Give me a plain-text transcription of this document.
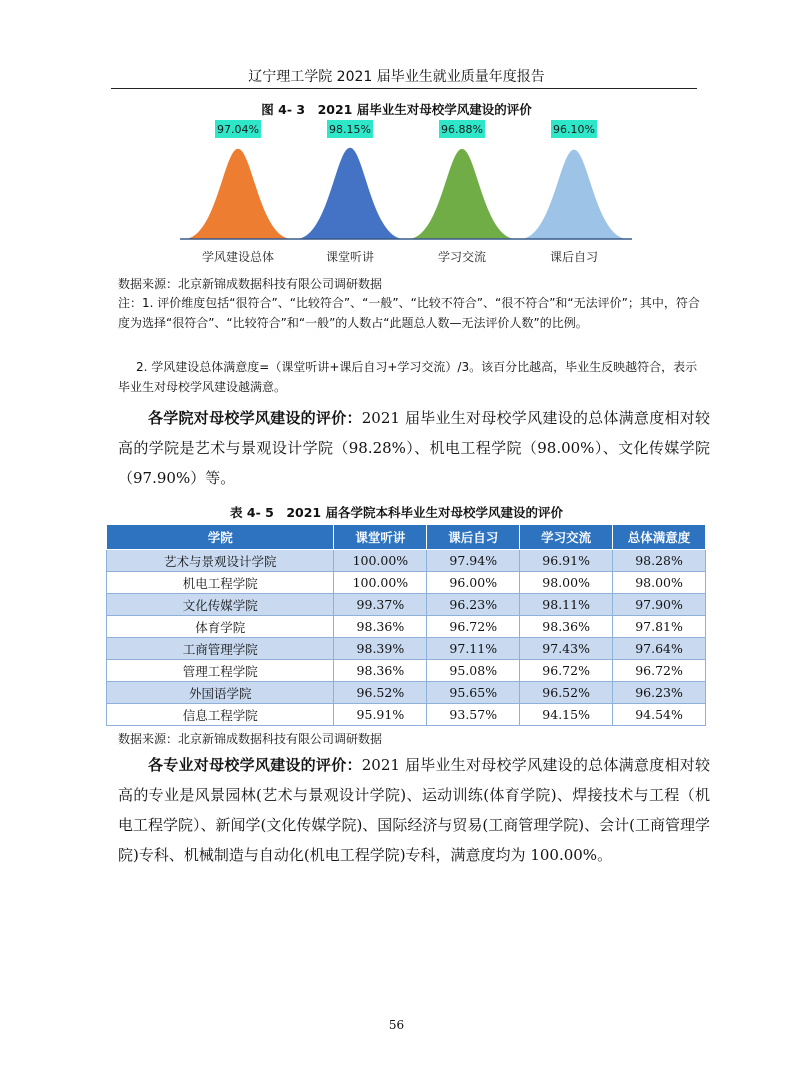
辽宁理工学院 2021 届毕业生就业质量年度报告
图 4- 3　2021 届毕业生对母校学风建设的评价
97.04%
学风建设总体
98.15%
课堂听讲
96.88%
学习交流
96.10%
课后自习
数据来源：北京新锦成数据科技有限公司调研数据
注：1. 评价维度包括“很符合”、“比较符合”、“一般”、“比较不符合”、“很不符合”和“无法评价”；其中，符合度为选择“很符合”、“比较符合”和“一般”的人数占“此题总人数—无法评价人数”的比例。
2. 学风建设总体满意度=（课堂听讲+课后自习+学习交流）/3。该百分比越高，毕业生反映越符合，表示毕业生对母校学风建设越满意。
各学院对母校学风建设的评价：2021 届毕业生对母校学风建设的总体满意度相对较高的学院是艺术与景观设计学院（98.28%）、机电工程学院（98.00%）、文化传媒学院（97.90%）等。
表 4- 5　2021 届各学院本科毕业生对母校学风建设的评价
学院	课堂听讲	课后自习	学习交流	总体满意度
艺术与景观设计学院	100.00%	97.94%	96.91%	98.28%
机电工程学院	100.00%	96.00%	98.00%	98.00%
文化传媒学院	99.37%	96.23%	98.11%	97.90%
体育学院	98.36%	96.72%	98.36%	97.81%
工商管理学院	98.39%	97.11%	97.43%	97.64%
管理工程学院	98.36%	95.08%	96.72%	96.72%
外国语学院	96.52%	95.65%	96.52%	96.23%
信息工程学院	95.91%	93.57%	94.15%	94.54%
数据来源：北京新锦成数据科技有限公司调研数据
各专业对母校学风建设的评价：2021 届毕业生对母校学风建设的总体满意度相对较高的专业是风景园林(艺术与景观设计学院)、运动训练(体育学院)、焊接技术与工程（机电工程学院）、新闻学(文化传媒学院)、国际经济与贸易(工商管理学院)、会计(工商管理学院)专科、机械制造与自动化(机电工程学院)专科，满意度均为 100.00%。
56
